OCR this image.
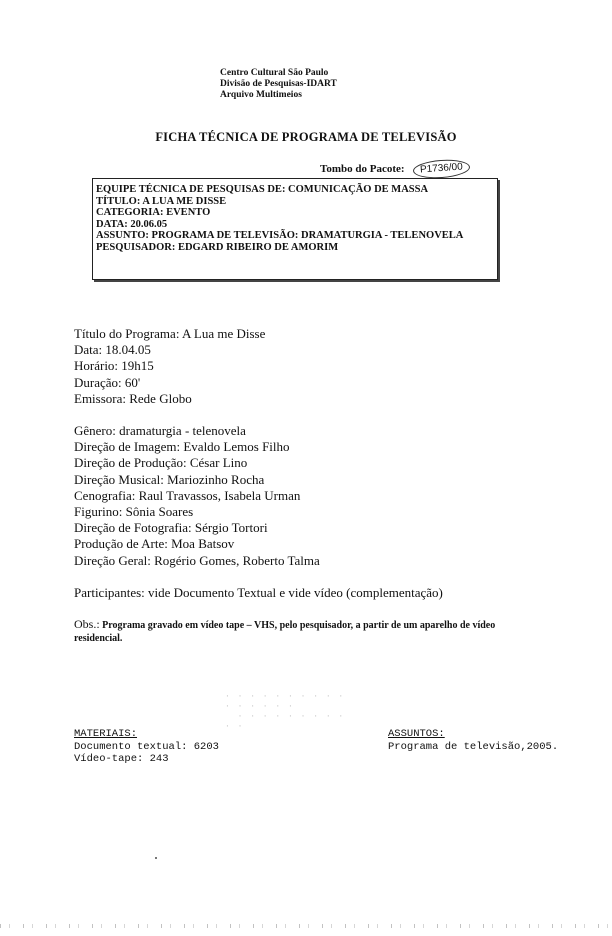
Centro Cultural São Paulo
Divisão de Pesquisas-IDART
Arquivo Multimeios
FICHA TÉCNICA DE PROGRAMA DE TELEVISÃO
Tombo do Pacote:	P1736/00
EQUIPE TÉCNICA DE PESQUISAS DE: COMUNICAÇÃO DE MASSA
TÍTULO: A LUA ME DISSE
CATEGORIA: EVENTO
DATA: 20.06.05
ASSUNTO: PROGRAMA DE TELEVISÃO: DRAMATURGIA - TELENOVELA
PESQUISADOR: EDGARD RIBEIRO DE AMORIM
Título do Programa: A Lua me Disse
Data: 18.04.05
Horário: 19h15
Duração: 60'
Emissora: Rede Globo
Gênero: dramaturgia - telenovela
Direção de Imagem: Evaldo Lemos Filho
Direção de Produção: César Lino
Direção Musical: Mariozinho Rocha
Cenografia: Raul Travassos, Isabela Urman
Figurino: Sônia Soares
Direção de Fotografia: Sérgio Tortori
Produção de Arte: Moa Batsov
Direção Geral: Rogério Gomes, Roberto Talma
Participantes: vide Documento Textual e vide vídeo (complementação)
Obs.: Programa gravado em vídeo tape – VHS, pelo pesquisador, a partir de um aparelho de vídeo residencial.
· · · · · · · · · · · · · · · ·
· · · · · · · · · · ·
MATERIAIS:
Documento textual: 6203
Vídeo-tape: 243
ASSUNTOS:
Programa de televisão,2005.
